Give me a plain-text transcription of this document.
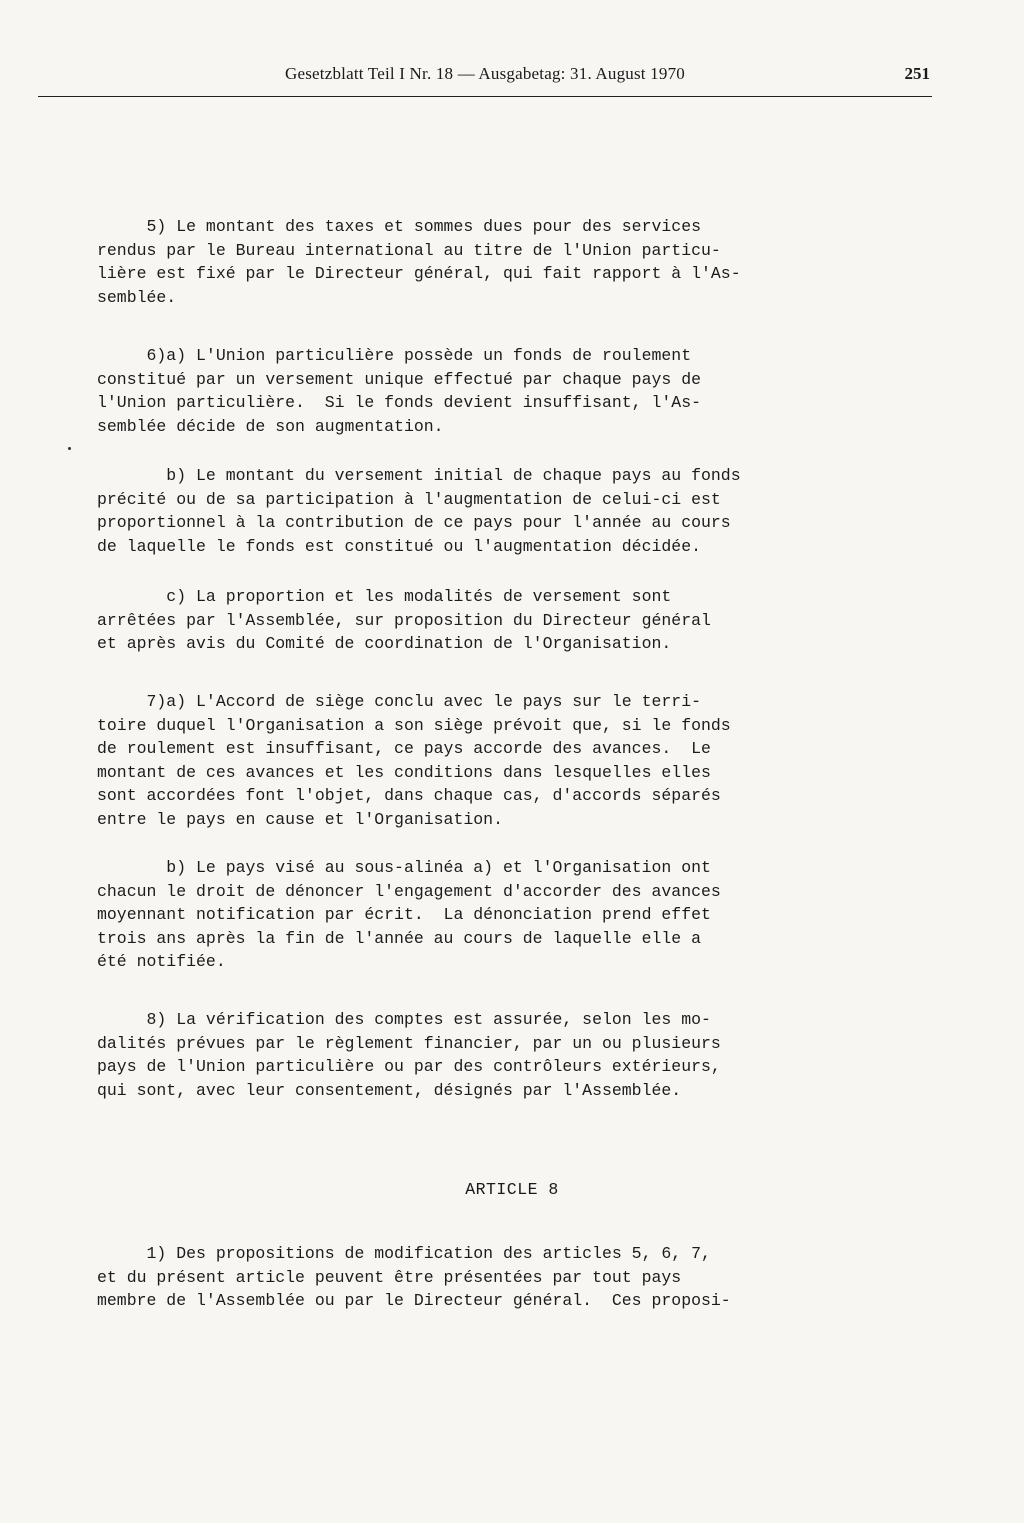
Gesetzblatt Teil I Nr. 18 — Ausgabetag: 31. August 1970	251
5) Le montant des taxes et sommes dues pour des services
rendus par le Bureau international au titre de l'Union particu-
lière est fixé par le Directeur général, qui fait rapport à l'As-
semblée.
6)a) L'Union particulière possède un fonds de roulement
constitué par un versement unique effectué par chaque pays de
l'Union particulière.  Si le fonds devient insuffisant, l'As-
semblée décide de son augmentation.
b) Le montant du versement initial de chaque pays au fonds
précité ou de sa participation à l'augmentation de celui-ci est
proportionnel à la contribution de ce pays pour l'année au cours
de laquelle le fonds est constitué ou l'augmentation décidée.
c) La proportion et les modalités de versement sont
arrêtées par l'Assemblée, sur proposition du Directeur général
et après avis du Comité de coordination de l'Organisation.
7)a) L'Accord de siège conclu avec le pays sur le terri-
toire duquel l'Organisation a son siège prévoit que, si le fonds
de roulement est insuffisant, ce pays accorde des avances.  Le
montant de ces avances et les conditions dans lesquelles elles
sont accordées font l'objet, dans chaque cas, d'accords séparés
entre le pays en cause et l'Organisation.
b) Le pays visé au sous-alinéa a) et l'Organisation ont
chacun le droit de dénoncer l'engagement d'accorder des avances
moyennant notification par écrit.  La dénonciation prend effet
trois ans après la fin de l'année au cours de laquelle elle a
été notifiée.
8) La vérification des comptes est assurée, selon les mo-
dalités prévues par le règlement financier, par un ou plusieurs
pays de l'Union particulière ou par des contrôleurs extérieurs,
qui sont, avec leur consentement, désignés par l'Assemblée.
ARTICLE 8
1) Des propositions de modification des articles 5, 6, 7,
et du présent article peuvent être présentées par tout pays
membre de l'Assemblée ou par le Directeur général.  Ces proposi-
